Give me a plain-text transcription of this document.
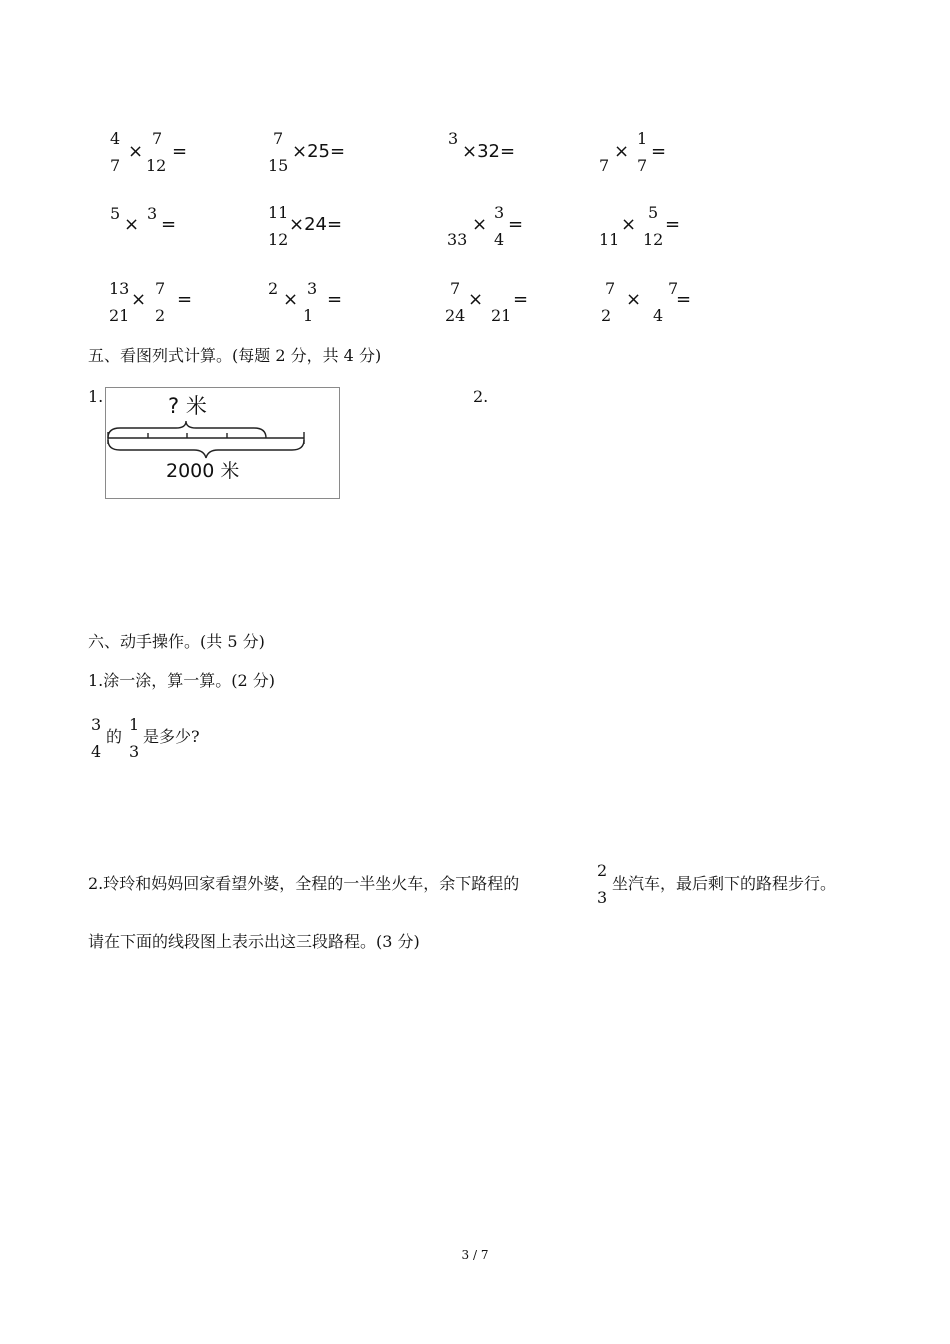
4
7
×
7
12
=
7
15
×25=
3
×32=
7
×
1
7
=
5
×
3
=
11
12
×24=
33
×
3
4
=
11
×
5
12
=
13
21
×
7
2
=
2
×
3
1
=
7
24
×
21
=
7
2
×
7
4
=
五、看图列式计算。(每题 2 分，共 4 分)
1.	2.
? 米
2000 米
六、动手操作。(共 5 分)
1.涂一涂，算一算。(2 分)
3
4
的
1
3
是多少?
2.玲玲和妈妈回家看望外婆，全程的一半坐火车，余下路程的
2
3
坐汽车，最后剩下的路程步行。
请在下面的线段图上表示出这三段路程。(3 分)
3 / 7
